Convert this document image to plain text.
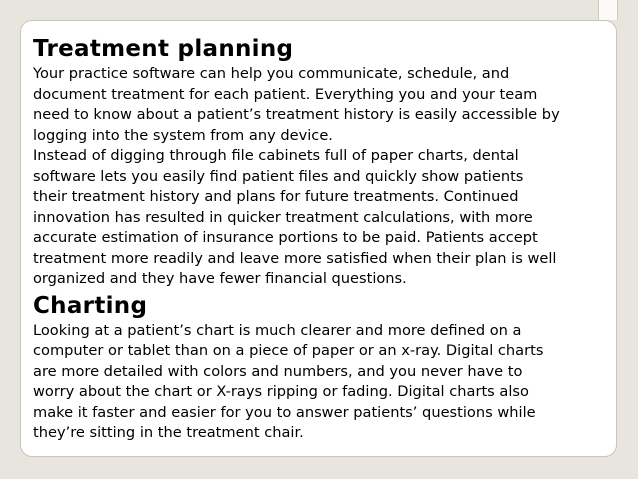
Treatment planning
Your practice software can help you communicate, schedule, and
document treatment for each patient. Everything you and your team
need to know about a patient’s treatment history is easily accessible by
logging into the system from any device.
Instead of digging through file cabinets full of paper charts, dental
software lets you easily find patient files and quickly show patients
their treatment history and plans for future treatments. Continued
innovation has resulted in quicker treatment calculations, with more
accurate estimation of insurance portions to be paid. Patients accept
treatment more readily and leave more satisfied when their plan is well
organized and they have fewer financial questions.
Charting
Looking at a patient’s chart is much clearer and more defined on a
computer or tablet than on a piece of paper or an x-ray. Digital charts
are more detailed with colors and numbers, and you never have to
worry about the chart or X-rays ripping or fading. Digital charts also
make it faster and easier for you to answer patients’ questions while
they’re sitting in the treatment chair.
